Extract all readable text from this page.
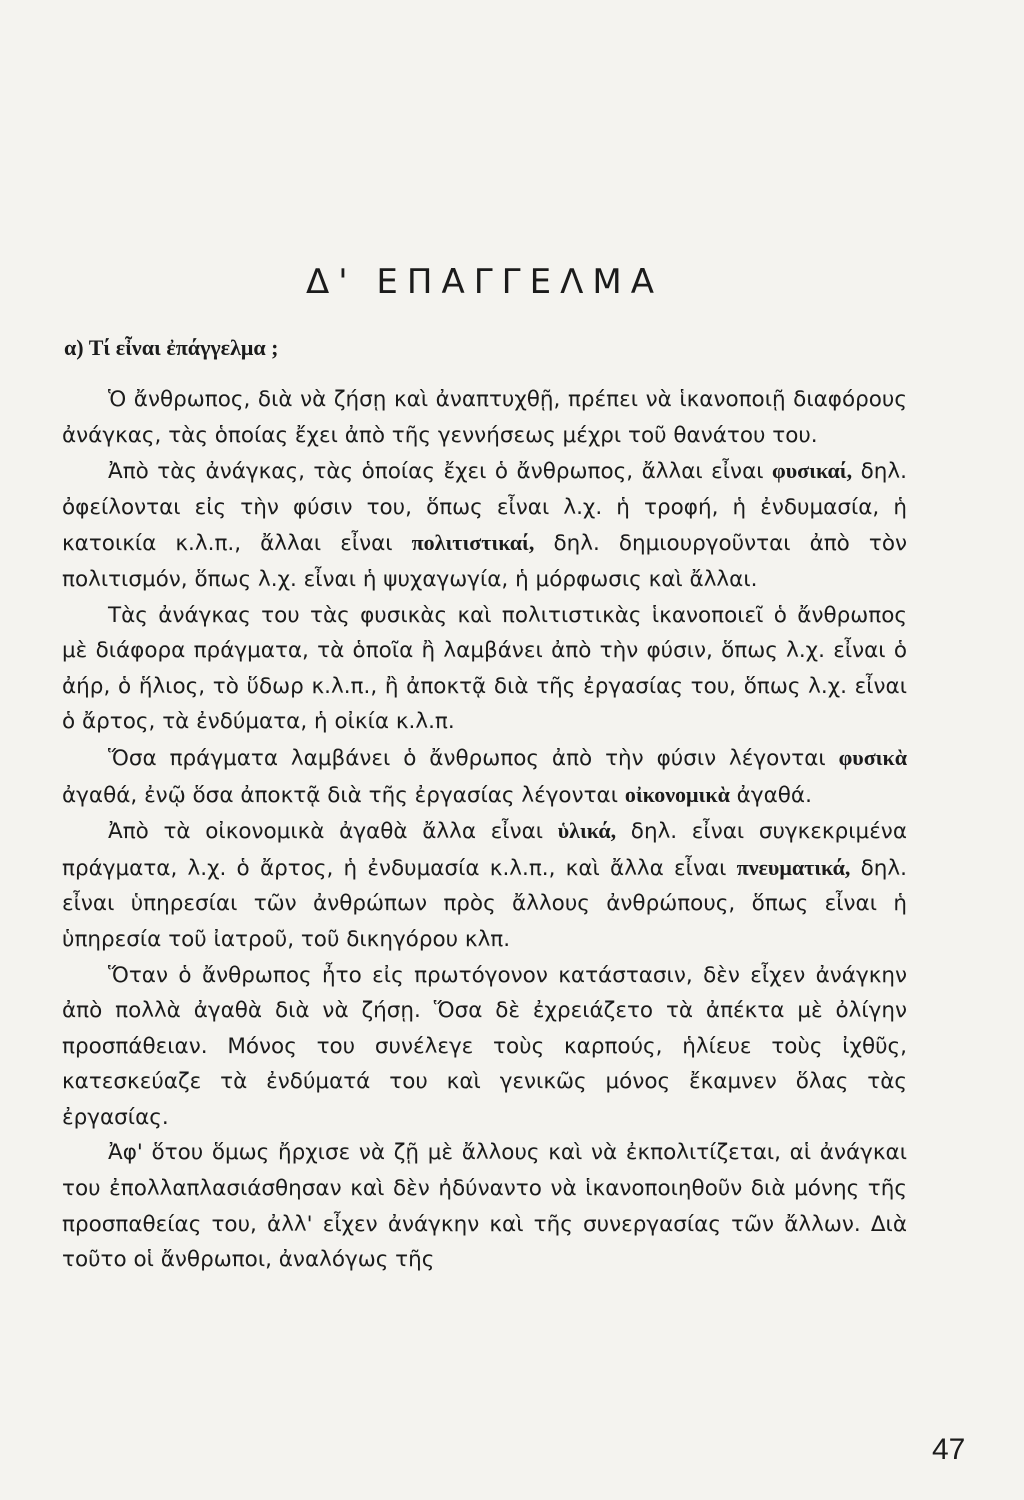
Δ' ΕΠΑΓΓΕΛΜΑ
α) Τί εἶναι ἐπάγγελμα ;

Ὁ ἄνθρωπος, διὰ νὰ ζήσῃ καὶ ἀναπτυχθῇ, πρέπει νὰ ἱκανοποιῇ διαφόρους ἀνάγκας, τὰς ὁποίας ἔχει ἀπὸ τῆς γεννήσεως μέχρι τοῦ θανάτου του.

Ἀπὸ τὰς ἀνάγκας, τὰς ὁποίας ἔχει ὁ ἄνθρωπος, ἄλλαι εἶναι φυσικαί, δηλ. ὀφείλονται εἰς τὴν φύσιν του, ὅπως εἶναι λ.χ. ἡ τροφή, ἡ ἐνδυμασία, ἡ κατοικία κ.λ.π., ἄλλαι εἶναι πολιτιστικαί, δηλ. δημιουργοῦνται ἀπὸ τὸν πολιτισμόν, ὅπως λ.χ. εἶναι ἡ ψυχαγωγία, ἡ μόρφωσις καὶ ἄλλαι.

Τὰς ἀνάγκας του τὰς φυσικὰς καὶ πολιτιστικὰς ἱκανοποιεῖ ὁ ἄνθρωπος μὲ διάφορα πράγματα, τὰ ὁποῖα ἢ λαμβάνει ἀπὸ τὴν φύσιν, ὅπως λ.χ. εἶναι ὁ ἀήρ, ὁ ἥλιος, τὸ ὕδωρ κ.λ.π., ἢ ἀποκτᾷ διὰ τῆς ἐργασίας του, ὅπως λ.χ. εἶναι ὁ ἄρτος, τὰ ἐνδύματα, ἡ οἰκία κ.λ.π.

Ὅσα πράγματα λαμβάνει ὁ ἄνθρωπος ἀπὸ τὴν φύσιν λέγονται φυσικὰ ἀγαθά, ἐνῷ ὅσα ἀποκτᾷ διὰ τῆς ἐργασίας λέγονται οἰκονομικὰ ἀγαθά.

Ἀπὸ τὰ οἰκονομικὰ ἀγαθὰ ἄλλα εἶναι ὑλικά, δηλ. εἶναι συγκεκριμένα πράγματα, λ.χ. ὁ ἄρτος, ἡ ἐνδυμασία κ.λ.π., καὶ ἄλλα εἶναι πνευματικά, δηλ. εἶναι ὑπηρεσίαι τῶν ἀνθρώπων πρὸς ἄλλους ἀνθρώπους, ὅπως εἶναι ἡ ὑπηρεσία τοῦ ἰατροῦ, τοῦ δικηγόρου κλπ.

Ὅταν ὁ ἄνθρωπος ἦτο εἰς πρωτόγονον κατάστασιν, δὲν εἶχεν ἀνάγκην ἀπὸ πολλὰ ἀγαθὰ διὰ νὰ ζήσῃ. Ὅσα δὲ ἐχρειάζετο τὰ ἀπέκτα μὲ ὀλίγην προσπάθειαν. Μόνος του συνέλεγε τοὺς καρπούς, ἡλίευε τοὺς ἰχθῦς, κατεσκεύαζε τὰ ἐνδύματά του καὶ γενικῶς μόνος ἔκαμνεν ὅλας τὰς ἐργασίας.

Ἀφ' ὅτου ὅμως ἤρχισε νὰ ζῇ μὲ ἄλλους καὶ νὰ ἐκπολιτίζεται, αἱ ἀνάγκαι του ἐπολλαπλασιάσθησαν καὶ δὲν ἠδύναντο νὰ ἱκανοποιηθοῦν διὰ μόνης τῆς προσπαθείας του, ἀλλ' εἶχεν ἀνάγκην καὶ τῆς συνεργασίας τῶν ἄλλων. Διὰ τοῦτο οἱ ἄνθρωποι, ἀναλόγως τῆς

47
